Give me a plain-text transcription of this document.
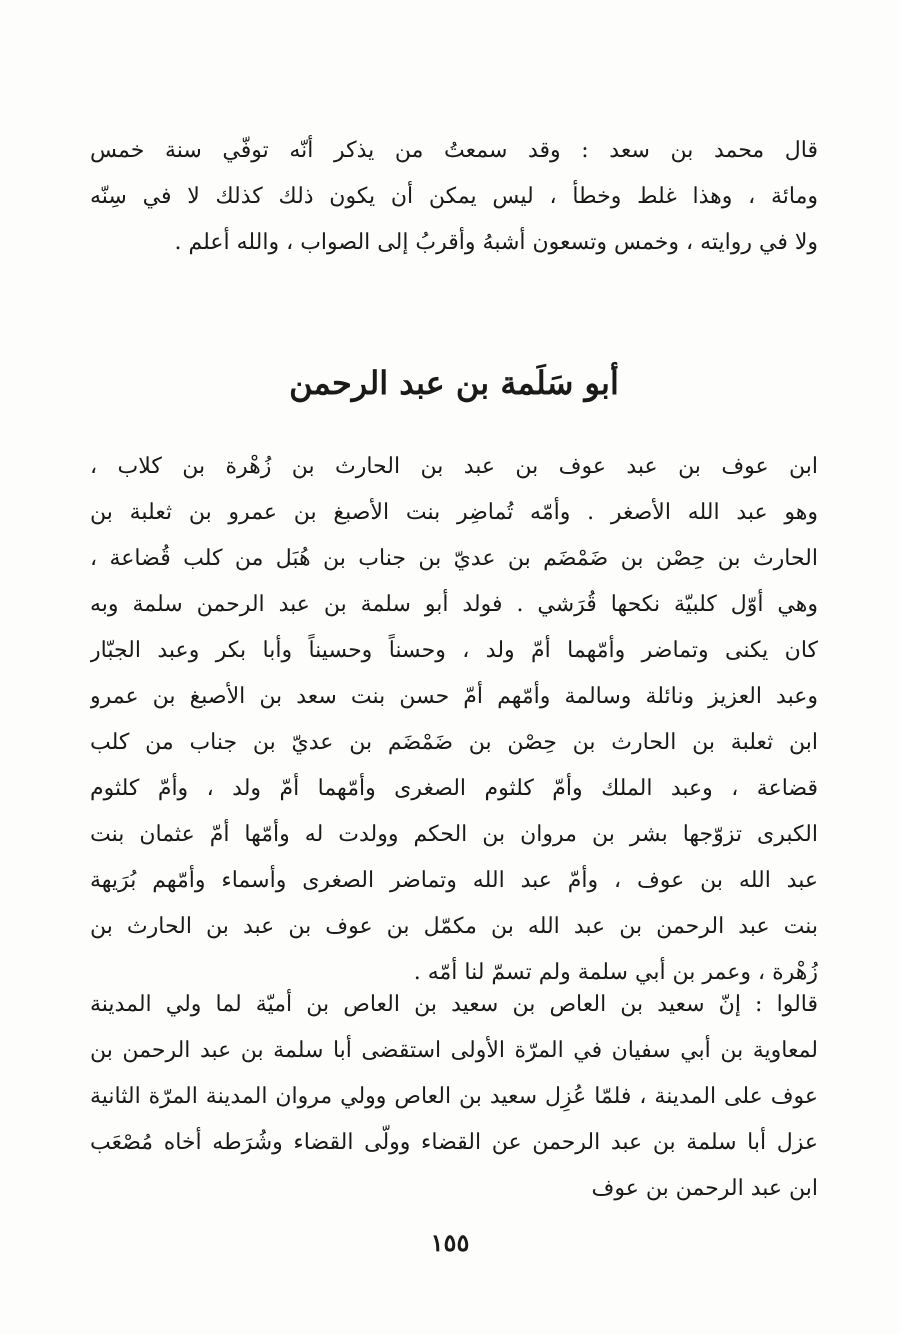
قال محمد بن سعد : وقد سمعتُ من يذكر أنّه توفّي سنة خمس
ومائة ، وهذا غلط وخطأ ، ليس يمكن أن يكون ذلك كذلك لا في سِنّه
ولا في روايته ، وخمس وتسعون أشبهُ وأقربُ إلى الصواب ، والله أعلم .
أبو سَلَمة بن عبد الرحمن
ابن عوف بن عبد عوف بن عبد بن الحارث بن زُهْرة بن كلاب ،
وهو عبد الله الأصغر . وأمّه تُماضِر بنت الأصبغ بن عمرو بن ثعلبة بن
الحارث بن حِصْن بن ضَمْضَم بن عديّ بن جناب بن هُبَل من كلب قُضاعة ،
وهي أوّل كلبيّة نكحها قُرَشي . فولد أبو سلمة بن عبد الرحمن سلمة وبه
كان يكنى وتماضر وأمّهما أمّ ولد ، وحسناً وحسيناً وأبا بكر وعبد الجبّار
وعبد العزيز ونائلة وسالمة وأمّهم أمّ حسن بنت سعد بن الأصبغ بن عمرو
ابن ثعلبة بن الحارث بن حِصْن بن ضَمْضَم بن عديّ بن جناب من كلب
قضاعة ، وعبد الملك وأمّ كلثوم الصغرى وأمّهما أمّ ولد ، وأمّ كلثوم
الكبرى تزوّجها بشر بن مروان بن الحكم وولدت له وأمّها أمّ عثمان بنت
عبد الله بن عوف ، وأمّ عبد الله وتماضر الصغرى وأسماء وأمّهم بُرَيهة
بنت عبد الرحمن بن عبد الله بن مكمّل بن عوف بن عبد بن الحارث بن
زُهْرة ، وعمر بن أبي سلمة ولم تسمّ لنا أمّه .
قالوا : إنّ سعيد بن العاص بن سعيد بن العاص بن أميّة لما ولي المدينة
لمعاوية بن أبي سفيان في المرّة الأولى استقضى أبا سلمة بن عبد الرحمن بن
عوف على المدينة ، فلمّا عُزِل سعيد بن العاص وولي مروان المدينة المرّة الثانية
عزل أبا سلمة بن عبد الرحمن عن القضاء وولّى القضاء وشُرَطه أخاه مُصْعَب
ابن عبد الرحمن بن عوف
١٥٥
